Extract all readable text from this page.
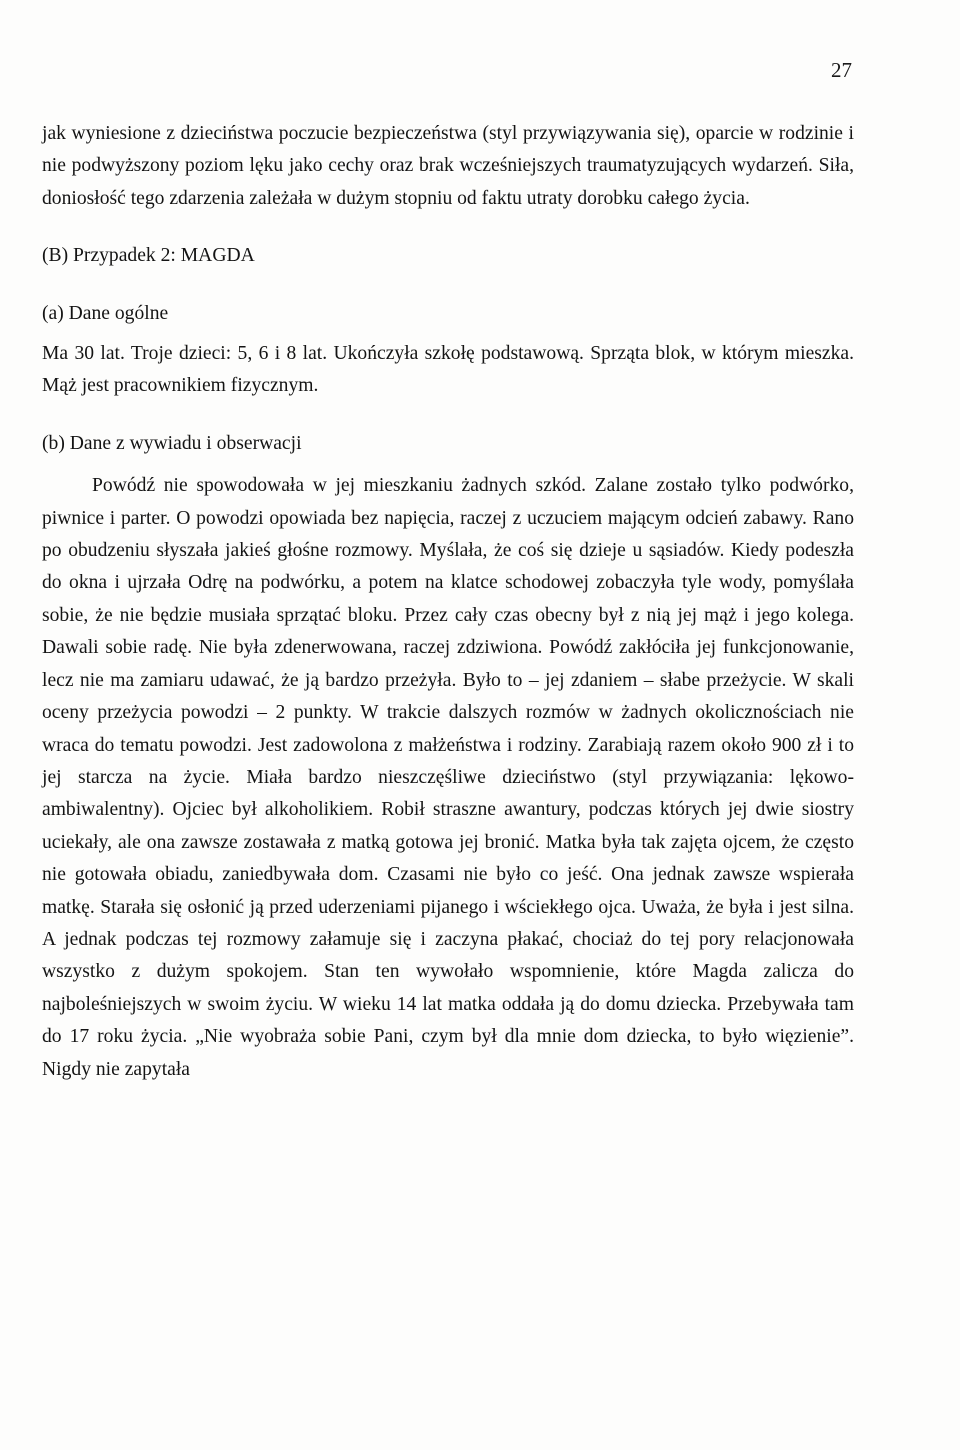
27

jak wyniesione z dzieciństwa poczucie bezpieczeństwa (styl przywiązywania się), oparcie w rodzinie i nie podwyższony poziom lęku jako cechy oraz brak wcześniejszych traumatyzujących wydarzeń. Siła, doniosłość tego zdarzenia zależała w dużym stopniu od faktu utraty dorobku całego życia.

(B) Przypadek 2: MAGDA

(a) Dane ogólne

Ma 30 lat. Troje dzieci: 5, 6 i 8 lat. Ukończyła szkołę podstawową. Sprząta blok, w którym mieszka. Mąż jest pracownikiem fizycznym.

(b) Dane z wywiadu i obserwacji

Powódź nie spowodowała w jej mieszkaniu żadnych szkód. Zalane zostało tylko podwórko, piwnice i parter. O powodzi opowiada bez napięcia, raczej z uczuciem mającym odcień zabawy. Rano po obudzeniu słyszała jakieś głośne rozmowy. Myślała, że coś się dzieje u sąsiadów. Kiedy podeszła do okna i ujrzała Odrę na podwórku, a potem na klatce schodowej zobaczyła tyle wody, pomyślała sobie, że nie będzie musiała sprzątać bloku. Przez cały czas obecny był z nią jej mąż i jego kolega. Dawali sobie radę. Nie była zdenerwowana, raczej zdziwiona. Powódź zakłóciła jej funkcjonowanie, lecz nie ma zamiaru udawać, że ją bardzo przeżyła. Było to – jej zdaniem – słabe przeżycie. W skali oceny przeżycia powodzi – 2 punkty. W trakcie dalszych rozmów w żadnych okolicznościach nie wraca do tematu powodzi. Jest zadowolona z małżeństwa i rodziny. Zarabiają razem około 900 zł i to jej starcza na życie. Miała bardzo nieszczęśliwe dzieciństwo (styl przywiązania: lękowo-ambiwalentny). Ojciec był alkoholikiem. Robił straszne awantury, podczas których jej dwie siostry uciekały, ale ona zawsze zostawała z matką gotowa jej bronić. Matka była tak zajęta ojcem, że często nie gotowała obiadu, zaniedbywała dom. Czasami nie było co jeść. Ona jednak zawsze wspierała matkę. Starała się osłonić ją przed uderzeniami pijanego i wściekłego ojca. Uważa, że była i jest silna. A jednak podczas tej rozmowy załamuje się i zaczyna płakać, chociaż do tej pory relacjonowała wszystko z dużym spokojem. Stan ten wywołało wspomnienie, które Magda zalicza do najboleśniejszych w swoim życiu. W wieku 14 lat matka oddała ją do domu dziecka. Przebywała tam do 17 roku życia. „Nie wyobraża sobie Pani, czym był dla mnie dom dziecka, to było więzienie”. Nigdy nie zapytała
